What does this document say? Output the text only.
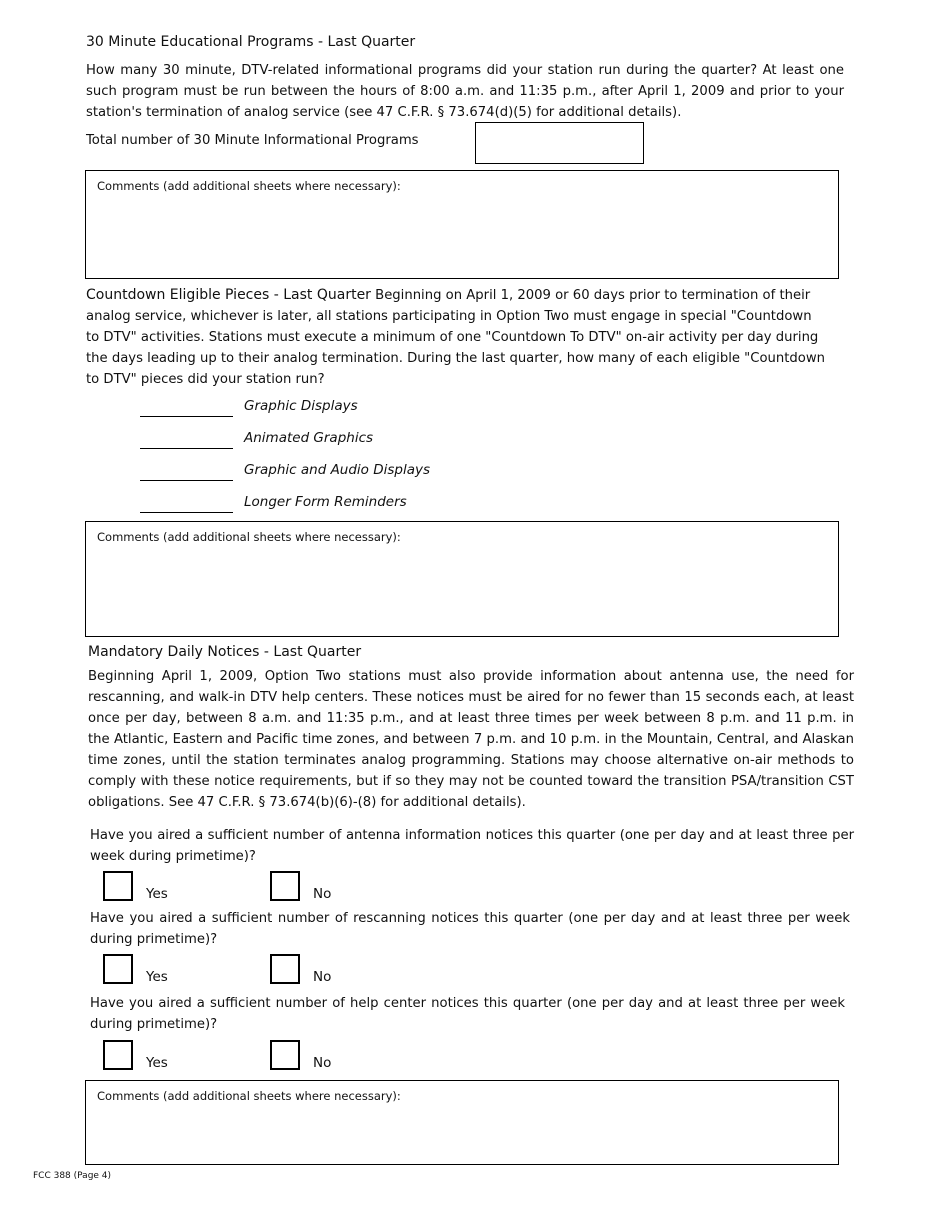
30 Minute Educational Programs - Last Quarter
How many 30 minute, DTV-related informational programs did your station run during the quarter? At least one such program must be run between the hours of 8:00 a.m. and 11:35 p.m., after April 1, 2009 and prior to your station's termination of analog service (see 47 C.F.R. § 73.674(d)(5) for additional details).
Total number of 30 Minute Informational Programs
Comments (add additional sheets where necessary):
Countdown Eligible Pieces - Last Quarter Beginning on April 1, 2009 or 60 days prior to termination of their analog service, whichever is later, all stations participating in Option Two must engage in special "Countdown to DTV" activities. Stations must execute a minimum of one "Countdown To DTV" on-air activity per day during the days leading up to their analog termination. During the last quarter, how many of each eligible "Countdown to DTV" pieces did your station run?
Graphic Displays
Animated Graphics
Graphic and Audio Displays
Longer Form Reminders
Comments (add additional sheets where necessary):
Mandatory Daily Notices - Last Quarter
Beginning April 1, 2009, Option Two stations must also provide information about antenna use, the need for rescanning, and walk-in DTV help centers. These notices must be aired for no fewer than 15 seconds each, at least once per day, between 8 a.m. and 11:35 p.m., and at least three times per week between 8 p.m. and 11 p.m. in the Atlantic, Eastern and Pacific time zones, and between 7 p.m. and 10 p.m. in the Mountain, Central, and Alaskan time zones, until the station terminates analog programming. Stations may choose alternative on-air methods to comply with these notice requirements, but if so they may not be counted toward the transition PSA/transition CST obligations. See 47 C.F.R. § 73.674(b)(6)-(8) for additional details).
Have you aired a sufficient number of antenna information notices this quarter (one per day and at least three per week during primetime)?
Yes	No
Have you aired a sufficient number of rescanning notices this quarter (one per day and at least three per week during primetime)?
Yes	No
Have you aired a sufficient number of help center notices this quarter (one per day and at least three per week during primetime)?
Yes	No
Comments (add additional sheets where necessary):
FCC 388 (Page 4)
